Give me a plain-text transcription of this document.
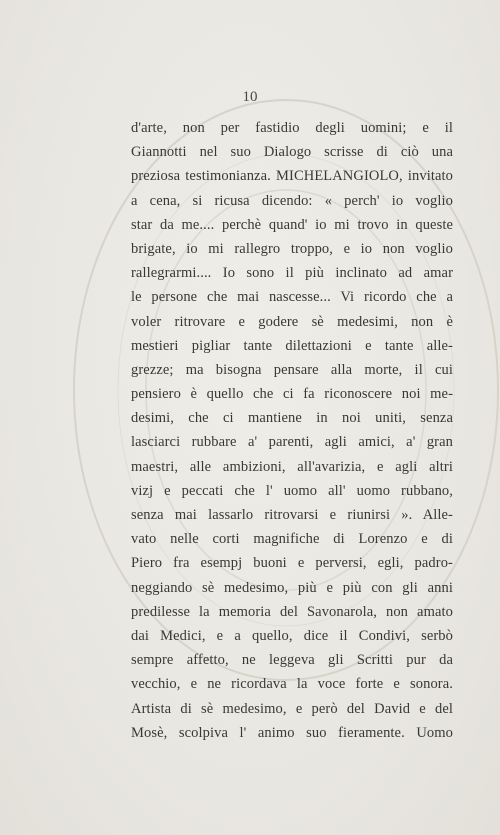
10
d'arte, non per fastidio degli uomini; e il
Giannotti nel suo Dialogo scrisse di ciò una
preziosa testimonianza. MICHELANGIOLO, invitato
a cena, si ricusa dicendo: « perch' io voglio
star da me.... perchè quand' io mi trovo in queste
brigate, io mi rallegro troppo, e io non voglio
rallegrarmi.... Io sono il più inclinato ad amar
le persone che mai nascesse... Vi ricordo che a
voler ritrovare e godere sè medesimi, non è
mestieri pigliar tante dilettazioni e tante alle-
grezze; ma bisogna pensare alla morte, il cui
pensiero è quello che ci fa riconoscere noi me-
desimi, che ci mantiene in noi uniti, senza
lasciarci rubbare a' parenti, agli amici, a' gran
maestri, alle ambizioni, all'avarizia, e agli altri
vizj e peccati che l' uomo all' uomo rubbano,
senza mai lassarlo ritrovarsi e riunirsi ». Alle-
vato nelle corti magnifiche di Lorenzo e di
Piero fra esempj buoni e perversi, egli, padro-
neggiando sè medesimo, più e più con gli anni
predilesse la memoria del Savonarola, non amato
dai Medici, e a quello, dice il Condivi, serbò
sempre affetto, ne leggeva gli Scritti pur da
vecchio, e ne ricordava la voce forte e sonora.
Artista di sè medesimo, e però del David e del
Mosè, scolpiva l' animo suo fieramente. Uomo
